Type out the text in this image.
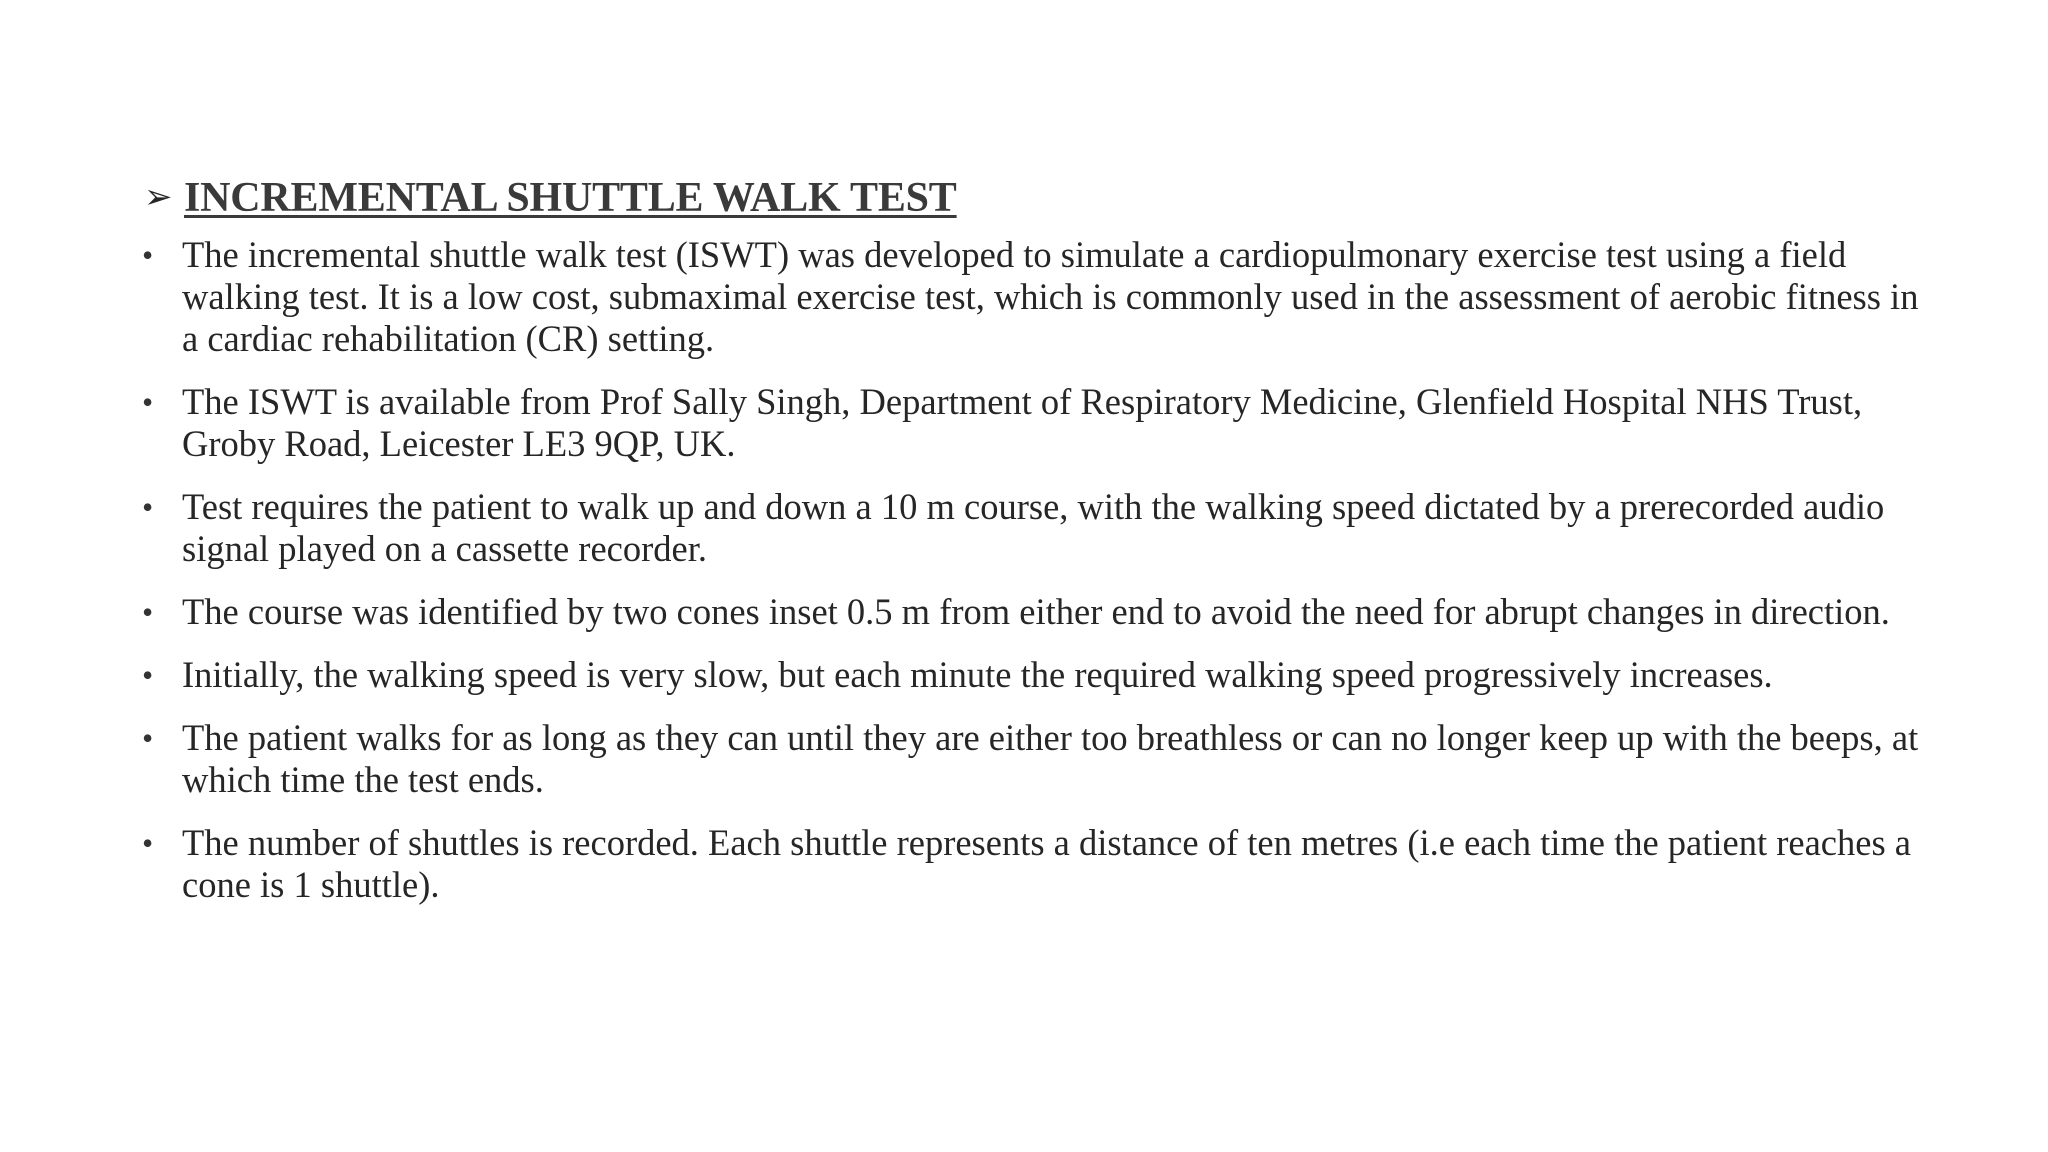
➢ INCREMENTAL SHUTTLE WALK TEST
• The incremental shuttle walk test (ISWT) was developed to simulate a cardiopulmonary exercise test using a field walking test. It is a low cost, submaximal exercise test, which is commonly used in the assessment of aerobic fitness in a cardiac rehabilitation (CR) setting.
• The ISWT is available from Prof Sally Singh, Department of Respiratory Medicine, Glenfield Hospital NHS Trust, Groby Road, Leicester LE3 9QP, UK.
• Test requires the patient to walk up and down a 10 m course, with the walking speed dictated by a prerecorded audio signal played on a cassette recorder.
• The course was identified by two cones inset 0.5 m from either end to avoid the need for abrupt changes in direction.
• Initially, the walking speed is very slow, but each minute the required walking speed progressively increases.
• The patient walks for as long as they can until they are either too breathless or can no longer keep up with the beeps, at which time the test ends.
• The number of shuttles is recorded. Each shuttle represents a distance of ten metres (i.e each time the patient reaches a cone is 1 shuttle).
